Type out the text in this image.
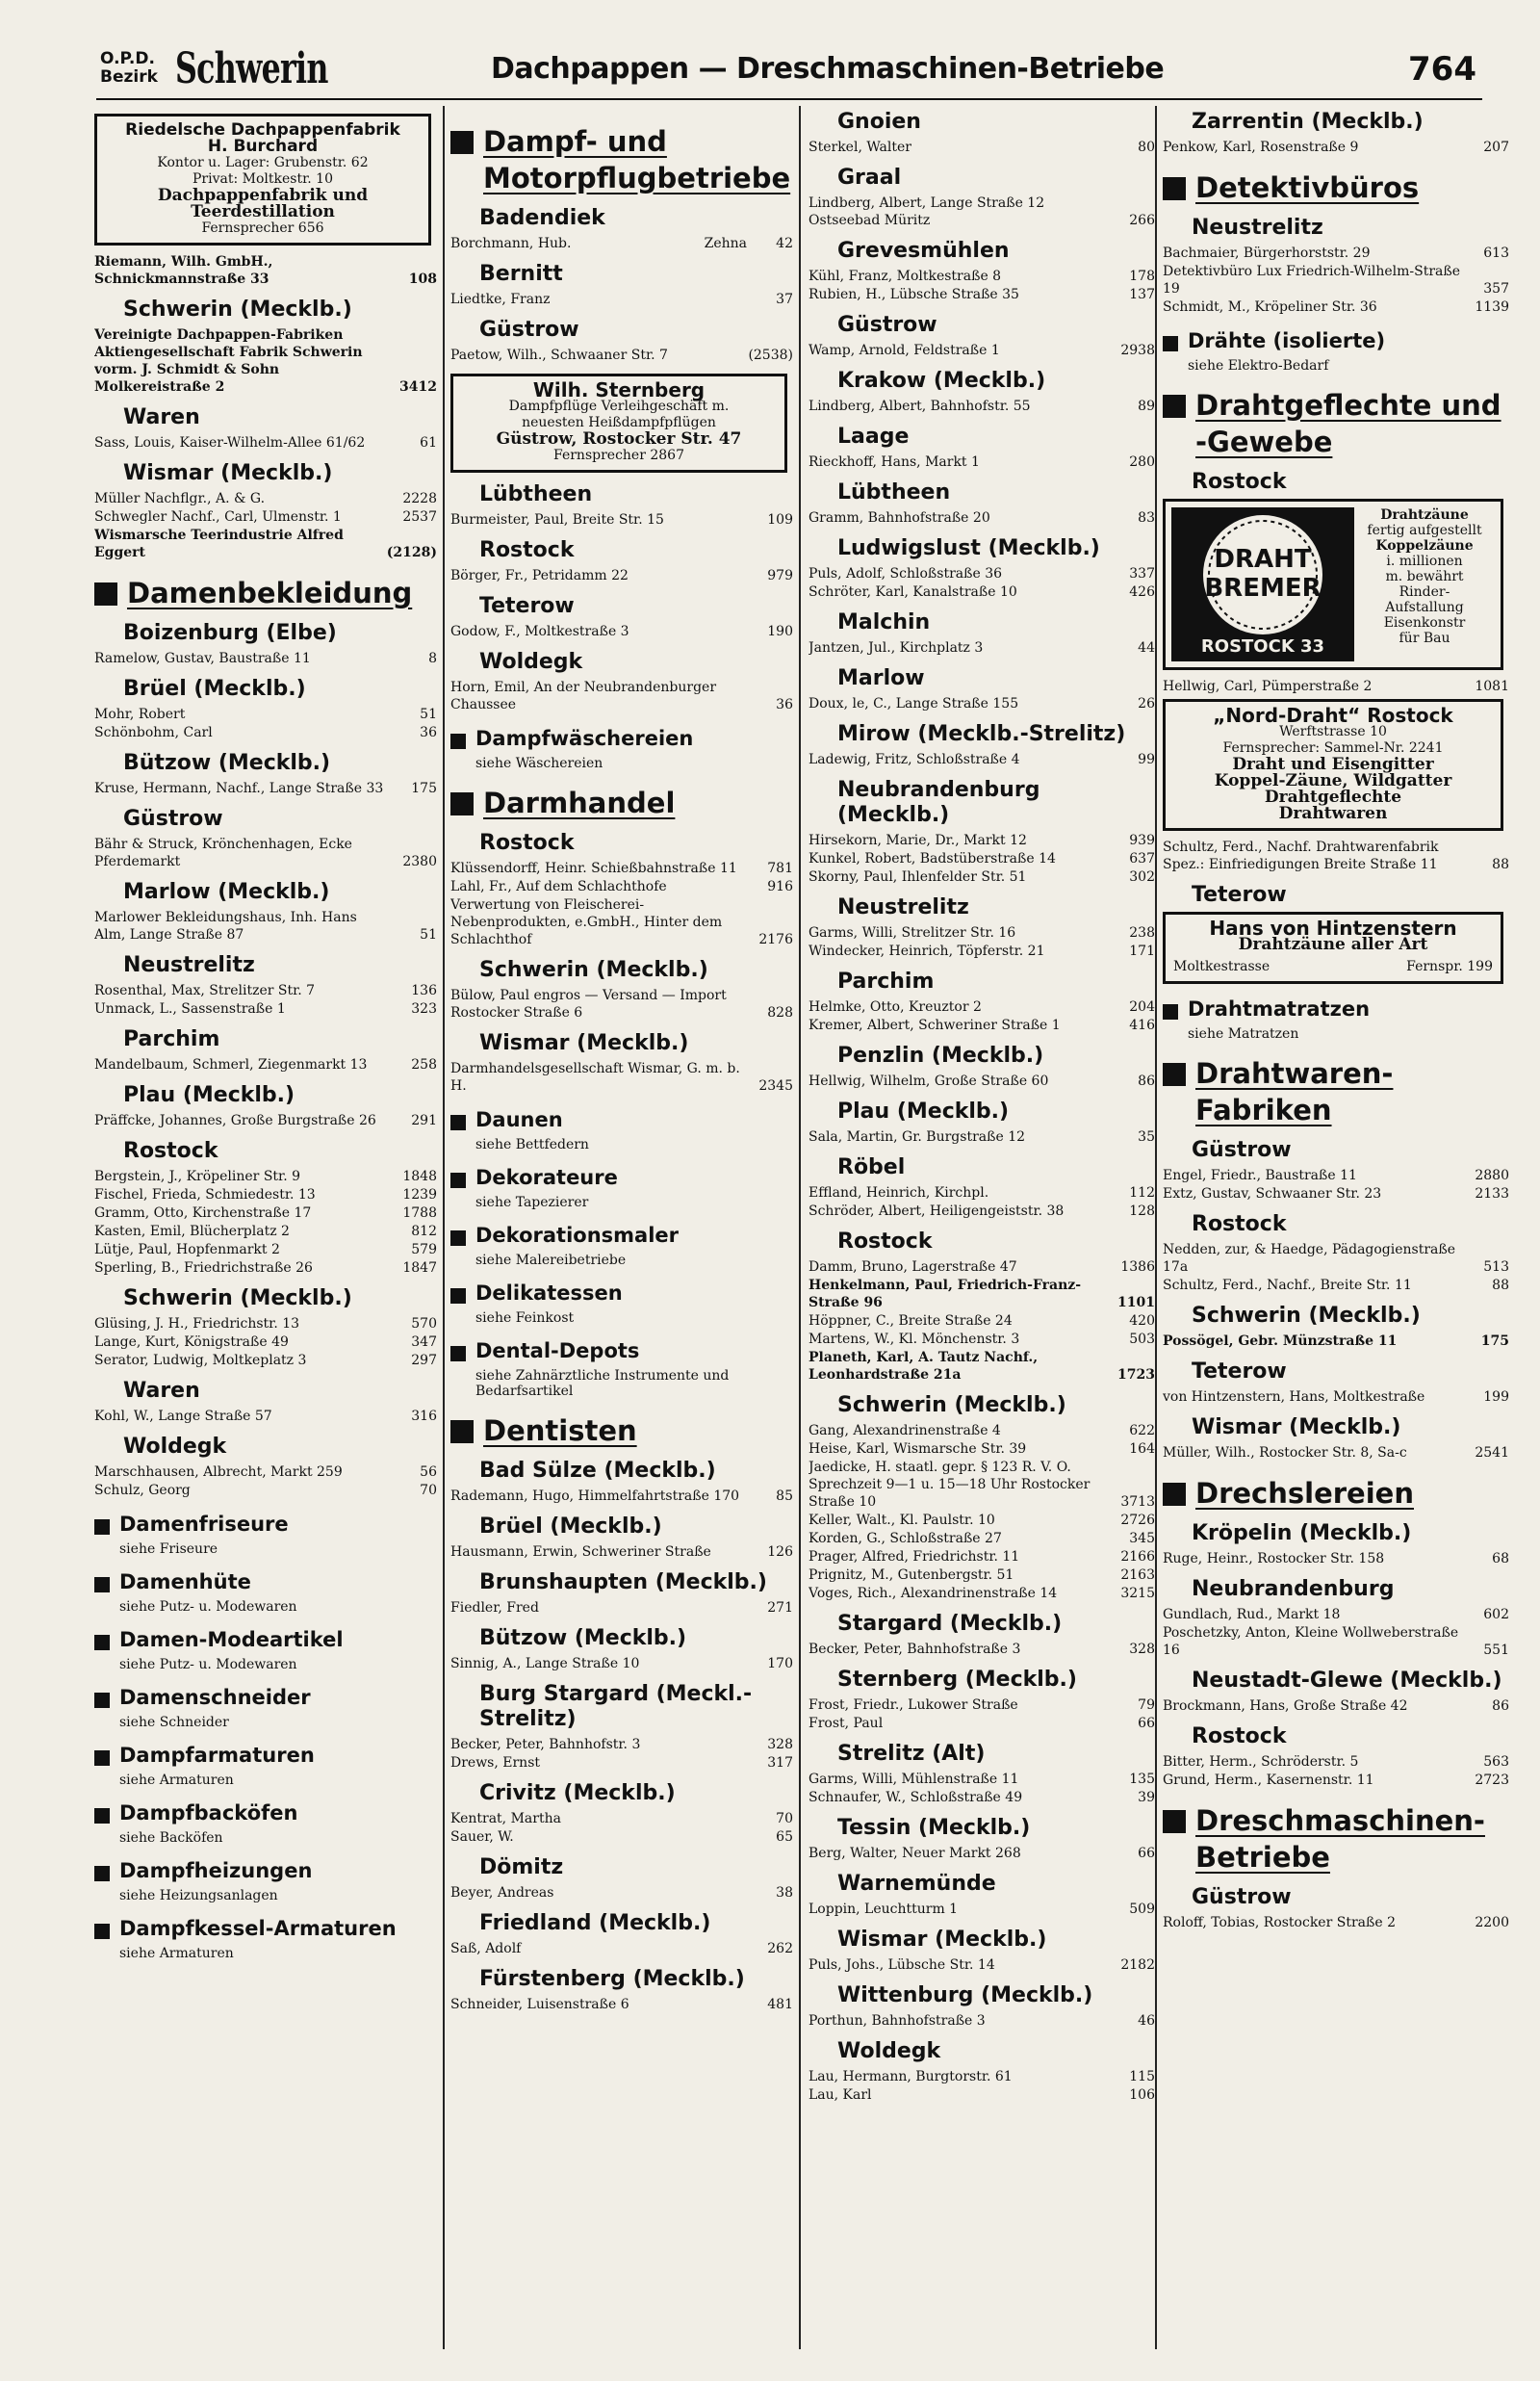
O.P.D.
Bezirk Schwerin	Dachpappen — Dreschmaschinen-Betriebe	764
Riedelsche Dachpappenfabrik
H. Burchard
Kontor u. Lager: Grubenstr. 62
Privat: Moltkestr. 10
Dachpappenfabrik und
Teerdestillation
Fernsprecher 656
Riemann, Wilh. GmbH., Schnickmannstraße 33	108
Schwerin (Mecklb.)
Vereinigte Dachpappen-Fabriken Aktiengesellschaft Fabrik Schwerin vorm. J. Schmidt & Sohn Molkereistraße 2	3412
Waren
Sass, Louis, Kaiser-Wilhelm-Allee 61/62	61
Wismar (Mecklb.)
Müller Nachflgr., A. & G.	2228
Schwegler Nachf., Carl, Ulmenstr. 1	2537
Wismarsche Teerindustrie Alfred Eggert	(2128)
Damenbekleidung
Boizenburg (Elbe)
Ramelow, Gustav, Baustraße 11	8
Brüel (Mecklb.)
Mohr, Robert	51
Schönbohm, Carl	36
Bützow (Mecklb.)
Kruse, Hermann, Nachf., Lange Straße 33 175
Güstrow
Bähr & Struck, Krönchenhagen, Ecke Pferdemarkt	2380
Marlow (Mecklb.)
Marlower Bekleidungshaus, Inh. Hans Alm, Lange Straße 87	51
Neustrelitz
Rosenthal, Max, Strelitzer Str. 7	136
Unmack, L., Sassenstraße 1	323
Parchim
Mandelbaum, Schmerl, Ziegenmarkt 13	258
Plau (Mecklb.)
Präffcke, Johannes, Große Burgstraße 26	291
Rostock
Bergstein, J., Kröpeliner Str. 9	1848
Fischel, Frieda, Schmiedestr. 13	1239
Gramm, Otto, Kirchenstraße 17	1788
Kasten, Emil, Blücherplatz 2	812
Lütje, Paul, Hopfenmarkt 2	579
Sperling, B., Friedrichstraße 26	1847
Schwerin (Mecklb.)
Glüsing, J. H., Friedrichstr. 13	570
Lange, Kurt, Königstraße 49	347
Serator, Ludwig, Moltkeplatz 3	297
Waren
Kohl, W., Lange Straße 57	316
Woldegk
Marschhausen, Albrecht, Markt 259	56
Schulz, Georg	70
Damenfriseure
siehe Friseure
Damenhüte
siehe Putz- u. Modewaren
Damen-Modeartikel
siehe Putz- u. Modewaren
Damenschneider
siehe Schneider
Dampfarmaturen
siehe Armaturen
Dampfbacköfen
siehe Backöfen
Dampfheizungen
siehe Heizungsanlagen
Dampfkessel-Armaturen
siehe Armaturen
Dampf- und Motorpflugbetriebe
Badendiek
Borchmann, Hub.	Zehna 42
Bernitt
Liedtke, Franz	37
Güstrow
Paetow, Wilh., Schwaaner Str. 7	(2538)
Wilh. Sternberg
Dampfpflüge Verleihgeschäft m.
neuesten Heißdampfpflügen
Güstrow, Rostocker Str. 47
Fernsprecher 2867
Lübtheen
Burmeister, Paul, Breite Str. 15	109
Rostock
Börger, Fr., Petridamm 22	979
Teterow
Godow, F., Moltkestraße 3	190
Woldegk
Horn, Emil, An der Neubrandenburger Chaussee	36
Dampfwäschereien
siehe Wäschereien
Darmhandel
Rostock
Klüssendorff, Heinr. Schießbahnstraße 11 781
Lahl, Fr., Auf dem Schlachthofe	916
Verwertung von Fleischerei-Nebenprodukten, e.GmbH., Hinter dem Schlachthof	2176
Schwerin (Mecklb.)
Bülow, Paul engros — Versand — Import Rostocker Straße 6	828
Wismar (Mecklb.)
Darmhandelsgesellschaft Wismar, G. m. b. H.	2345
Daunen
siehe Bettfedern
Dekorateure
siehe Tapezierer
Dekorationsmaler
siehe Malereibetriebe
Delikatessen
siehe Feinkost
Dental-Depots
siehe Zahnärztliche Instrumente und Bedarfsartikel
Dentisten
Bad Sülze (Mecklb.)
Rademann, Hugo, Himmelfahrtstraße 170	85
Brüel (Mecklb.)
Hausmann, Erwin, Schweriner Straße	126
Brunshaupten (Mecklb.)
Fiedler, Fred	271
Bützow (Mecklb.)
Sinnig, A., Lange Straße 10	170
Burg Stargard (Meckl.-Strelitz)
Becker, Peter, Bahnhofstr. 3	328
Drews, Ernst	317
Crivitz (Mecklb.)
Kentrat, Martha	70
Sauer, W.	65
Dömitz
Beyer, Andreas	38
Friedland (Mecklb.)
Saß, Adolf	262
Fürstenberg (Mecklb.)
Schneider, Luisenstraße 6	481
Gnoien
Sterkel, Walter	80
Graal
Lindberg, Albert, Lange Straße 12 Ostseebad Müritz	266
Grevesmühlen
Kühl, Franz, Moltkestraße 8	178
Rubien, H., Lübsche Straße 35	137
Güstrow
Wamp, Arnold, Feldstraße 1	2938
Krakow (Mecklb.)
Lindberg, Albert, Bahnhofstr. 55	89
Laage
Rieckhoff, Hans, Markt 1	280
Lübtheen
Gramm, Bahnhofstraße 20	83
Ludwigslust (Mecklb.)
Puls, Adolf, Schloßstraße 36	337
Schröter, Karl, Kanalstraße 10	426
Malchin
Jantzen, Jul., Kirchplatz 3	44
Marlow
Doux, le, C., Lange Straße 155	26
Mirow (Mecklb.-Strelitz)
Ladewig, Fritz, Schloßstraße 4	99
Neubrandenburg (Mecklb.)
Hirsekorn, Marie, Dr., Markt 12	939
Kunkel, Robert, Badstüberstraße 14	637
Skorny, Paul, Ihlenfelder Str. 51	302
Neustrelitz
Garms, Willi, Strelitzer Str. 16	238
Windecker, Heinrich, Töpferstr. 21	171
Parchim
Helmke, Otto, Kreuztor 2	204
Kremer, Albert, Schweriner Straße 1	416
Penzlin (Mecklb.)
Hellwig, Wilhelm, Große Straße 60	86
Plau (Mecklb.)
Sala, Martin, Gr. Burgstraße 12	35
Röbel
Effland, Heinrich, Kirchpl.	112
Schröder, Albert, Heiligengeiststr. 38	128
Rostock
Damm, Bruno, Lagerstraße 47	1386
Henkelmann, Paul, Friedrich-Franz-Straße 96	1101
Höppner, C., Breite Straße 24	420
Martens, W., Kl. Mönchenstr. 3	503
Planeth, Karl, A. Tautz Nachf., Leonhardstraße 21a	1723
Schwerin (Mecklb.)
Gang, Alexandrinenstraße 4	622
Heise, Karl, Wismarsche Str. 39	164
Jaedicke, H. staatl. gepr. § 123 R. V. O. Sprechzeit 9—1 u. 15—18 Uhr Rostocker Straße 10	3713
Keller, Walt., Kl. Paulstr. 10	2726
Korden, G., Schloßstraße 27	345
Prager, Alfred, Friedrichstr. 11	2166
Prignitz, M., Gutenbergstr. 51	2163
Voges, Rich., Alexandrinenstraße 14	3215
Stargard (Mecklb.)
Becker, Peter, Bahnhofstraße 3	328
Sternberg (Mecklb.)
Frost, Friedr., Lukower Straße	79
Frost, Paul	66
Strelitz (Alt)
Garms, Willi, Mühlenstraße 11	135
Schnaufer, W., Schloßstraße 49	39
Tessin (Mecklb.)
Berg, Walter, Neuer Markt 268	66
Warnemünde
Loppin, Leuchtturm 1	509
Wismar (Mecklb.)
Puls, Johs., Lübsche Str. 14	2182
Wittenburg (Mecklb.)
Porthun, Bahnhofstraße 3	46
Woldegk
Lau, Hermann, Burgtorstr. 61	115
Lau, Karl	106
Zarrentin (Mecklb.)
Penkow, Karl, Rosenstraße 9	207
Detektivbüros
Neustrelitz
Bachmaier, Bürgerhorststr. 29	613
Detektivbüro Lux Friedrich-Wilhelm-Straße 19	357
Schmidt, M., Kröpeliner Str. 36	1139
Drähte (isolierte)
siehe Elektro-Bedarf
Drahtgeflechte und -Gewebe
Rostock
DRAHT
BREMER
ROSTOCK 33
Drahtzäune
fertig aufgestellt
Koppelzäune
i. millionen
m. bewährt
Rinder-
Aufstallung
Eisenkonstr
für Bau
Hellwig, Carl, Pümperstraße 2	1081
„Nord-Draht“ Rostock
Werftstrasse 10
Fernsprecher: Sammel-Nr. 2241
Draht und Eisengitter
Koppel-Zäune, Wildgatter
Drahtgeflechte
Drahtwaren
Schultz, Ferd., Nachf. Drahtwarenfabrik Spez.: Einfriedigungen Breite Straße 11	88
Teterow
Hans von Hintzenstern
Drahtzäune aller Art
Moltkestrasse	Fernspr. 199
Drahtmatratzen
siehe Matratzen
Drahtwaren-Fabriken
Güstrow
Engel, Friedr., Baustraße 11	2880
Extz, Gustav, Schwaaner Str. 23	2133
Rostock
Nedden, zur, & Haedge, Pädagogienstraße 17a	513
Schultz, Ferd., Nachf., Breite Str. 11	88
Schwerin (Mecklb.)
Possögel, Gebr. Münzstraße 11	175
Teterow
von Hintzenstern, Hans, Moltkestraße	199
Wismar (Mecklb.)
Müller, Wilh., Rostocker Str. 8, Sa-c	2541
Drechslereien
Kröpelin (Mecklb.)
Ruge, Heinr., Rostocker Str. 158	68
Neubrandenburg
Gundlach, Rud., Markt 18	602
Poschetzky, Anton, Kleine Wollweberstraße 16	551
Neustadt-Glewe (Mecklb.)
Brockmann, Hans, Große Straße 42	86
Rostock
Bitter, Herm., Schröderstr. 5	563
Grund, Herm., Kasernenstr. 11	2723
Dreschmaschinen-Betriebe
Güstrow
Roloff, Tobias, Rostocker Straße 2	2200
